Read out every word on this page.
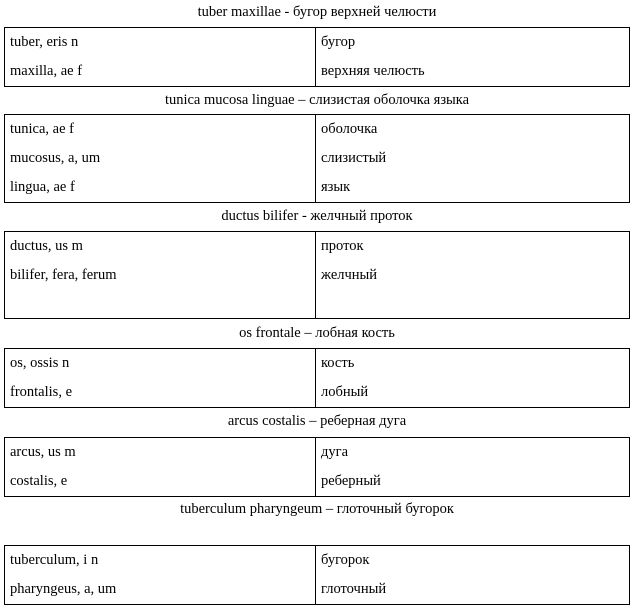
tuber maxillae - бугор верхней челюсти
tuber, eris n	бугор
maxilla, ae f	верхняя челюсть
tunica mucosa linguae – слизистая оболочка языка
tunica, ae f	оболочка
mucosus, a, um	слизистый
lingua, ae f	язык
ductus bilifer - желчный проток
ductus, us m	проток
bilifer, fera, ferum	желчный

os frontale – лобная кость
os, ossis n	кость
frontalis, e	лобный
arcus costalis – реберная дуга
arcus, us m	дуга
costalis, e	реберный
tuberculum pharyngeum – глоточный бугорок
tuberculum, i n	бугорок
pharyngeus, a, um	глоточный
